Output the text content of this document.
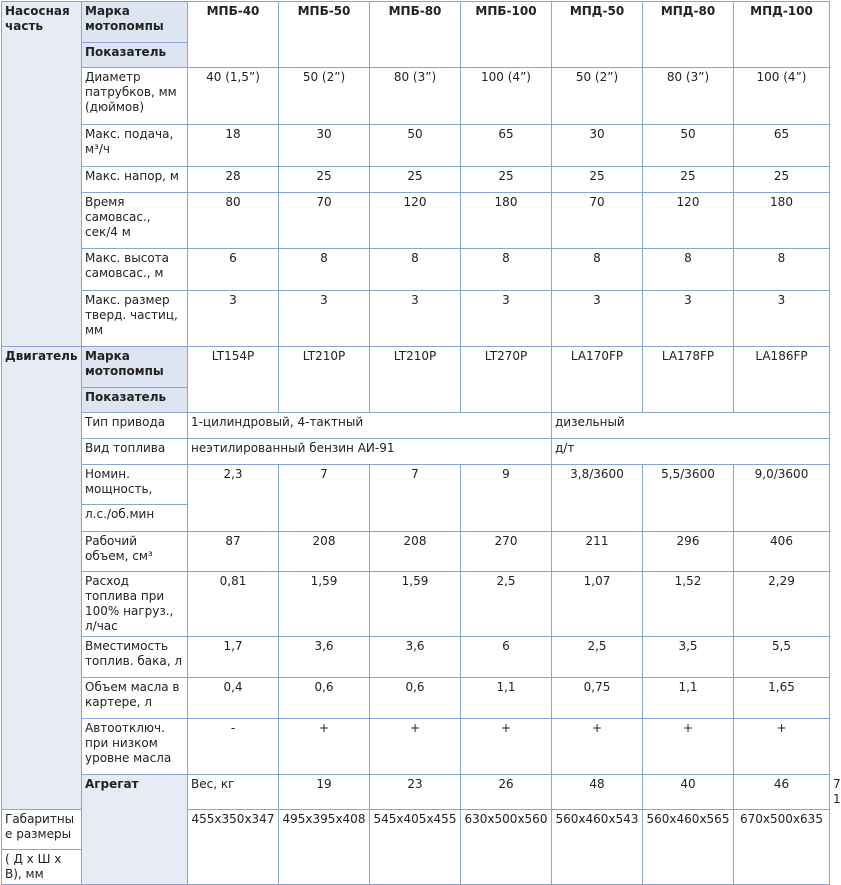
Насосная часть	Марка мотопомпы	МПБ-40	МПБ-50	МПБ-80	МПБ-100	МПД-50	МПД-80	МПД-100	
	Показатель								
	Диаметр патрубков, мм (дюймов)	40 (1,5”)	50 (2”)	80 (3”)	100 (4”)	50 (2”)	80 (3”)	100 (4”)	
	Макс. подача, м³/ч	18	30	50	65	30	50	65	
	Макс. напор, м	28	25	25	25	25	25	25	
	Время самовсас., сек/4 м	80	70	120	180	70	120	180	
	Макс. высота самовсас., м	6	8	8	8	8	8	8	
	Макс. размер тверд. частиц, мм	3	3	3	3	3	3	3	
Двигатель	Марка мотопомпы	LT154P	LT210P	LT210P	LT270P	LA170FP	LA178FP	LA186FP	
	Показатель								
	Тип привода	1-цилиндровый, 4-тактный				дизельный			
	Вид топлива	неэтилированный бензин АИ-91				д/т			
	Номин. мощность,	2,3	7	7	9	3,8/3600	5,5/3600	9,0/3600	
	л.с./об.мин								
	Рабочий объем, см³	87	208	208	270	211	296	406	
	Расход топлива при 100% нагруз., л/час	0,81	1,59	1,59	2,5	1,07	1,52	2,29	
	Вместимость топлив. бака, л	1,7	3,6	3,6	6	2,5	3,5	5,5	
	Объем масла в картере, л	0,4	0,6	0,6	1,1	0,75	1,1	1,65	
	Автоотключ. при низком уровне масла	-	+	+	+	+	+	+	
	Агрегат	Вес, кг	19	23	26	48	40	46	71
Габаритные размеры		455x350x347	495x395x408	545x405x455	630x500x560	560x460x543	560x460x565	670x500x635	
( Д х Ш х В), мм									
